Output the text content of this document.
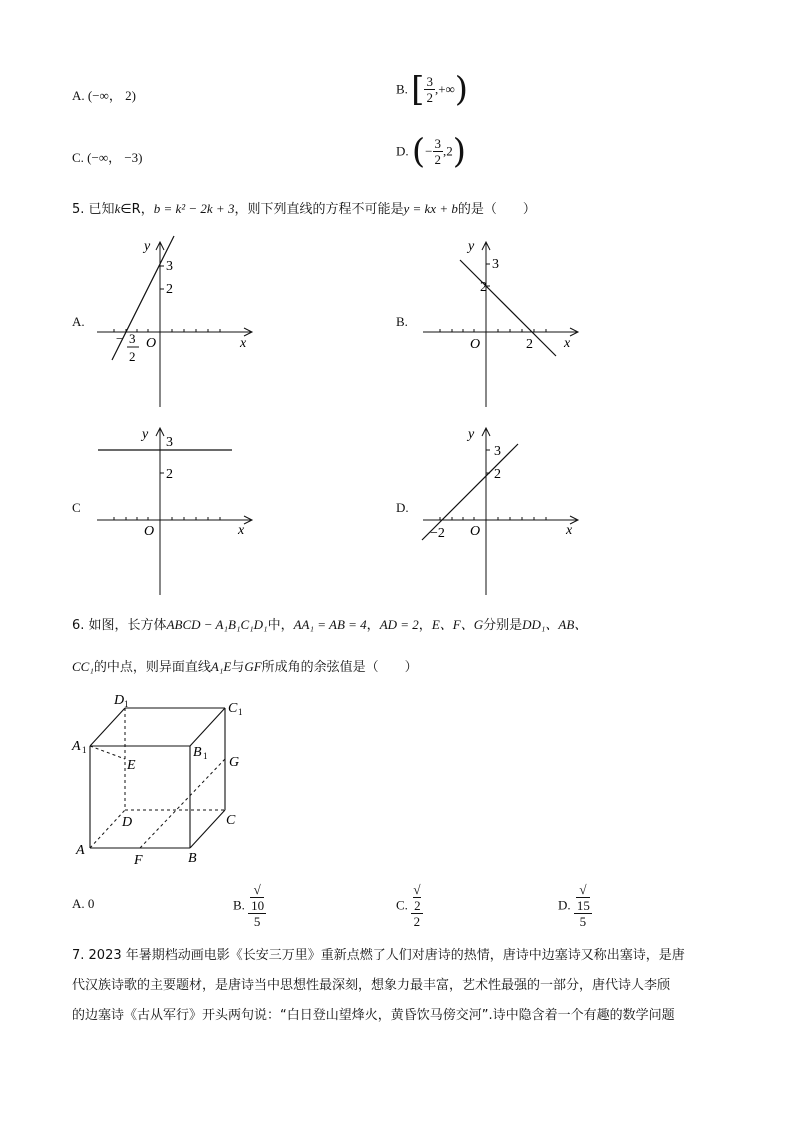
A. (−∞， 2)	B. [ $\frac{3}{2}$ ,+∞)
C. (−∞， −3)	D. (− $\frac{3}{2} ,2$)
5. 已知k∈R，b = k² − 2k + 3，则下列直线的方程不可能是y = kx + b的是（　　）
A.
y
x
O
3
2
− 3
2
B.
y
x
O
3
2
2
C
y
x
O
3
2
D.
y
x
O
3
2
−2
6. 如图，长方体ABCD − A₁B₁C₁D₁中，AA₁ = AB = 4，AD = 2，E、F、G分别是DD₁、AB、
CC₁的中点，则异面直线A₁E与GF所成角的余弦值是（　　）
D 1	C 1
A 1	B 1
E	G
D	C
A
F	B
A. 0	B. √
10
5	C. √
2
2	D. √
15
5
7. 2023 年暑期档动画电影《长安三万里》重新点燃了人们对唐诗的热情，唐诗中边塞诗又称出塞诗，是唐
代汉族诗歌的主要题材，是唐诗当中思想性最深刻，想象力最丰富，艺术性最强的一部分，唐代诗人李颀
的边塞诗《古从军行》开头两句说：“白日登山望烽火，黄昏饮马傍交河”.诗中隐含着一个有趣的数学问题
